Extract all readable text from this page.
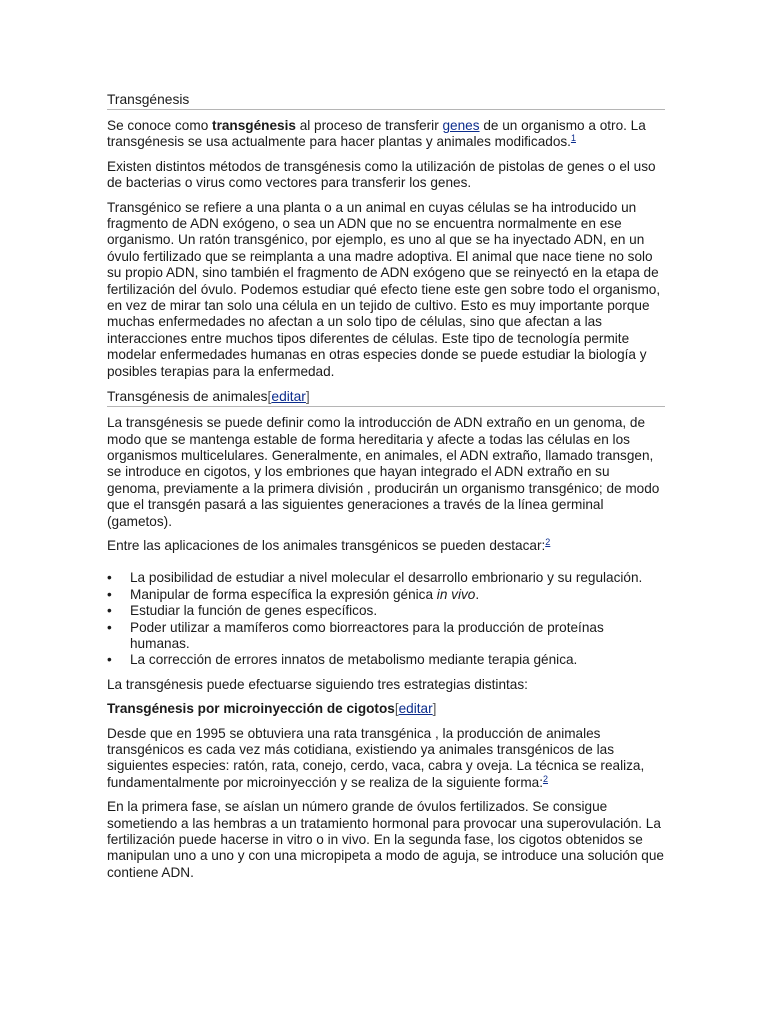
Transgénesis

Se conoce como transgénesis al proceso de transferir genes de un organismo a otro. La transgénesis se usa actualmente para hacer plantas y animales modificados.$^1$

Existen distintos métodos de transgénesis como la utilización de pistolas de genes o el uso de bacterias o virus como vectores para transferir los genes.

Transgénico se refiere a una planta o a un animal en cuyas células se ha introducido un fragmento de ADN exógeno, o sea un ADN que no se encuentra normalmente en ese organismo. Un ratón transgénico, por ejemplo, es uno al que se ha inyectado ADN, en un óvulo fertilizado que se reimplanta a una madre adoptiva. El animal que nace tiene no solo su propio ADN, sino también el fragmento de ADN exógeno que se reinyectó en la etapa de fertilización del óvulo. Podemos estudiar qué efecto tiene este gen sobre todo el organismo, en vez de mirar tan solo una célula en un tejido de cultivo. Esto es muy importante porque muchas enfermedades no afectan a un solo tipo de células, sino que afectan a las interacciones entre muchos tipos diferentes de células. Este tipo de tecnología permite modelar enfermedades humanas en otras especies donde se puede estudiar la biología y posibles terapias para la enfermedad.

Transgénesis de animales[editar]

La transgénesis se puede definir como la introducción de ADN extraño en un genoma, de modo que se mantenga estable de forma hereditaria y afecte a todas las células en los organismos multicelulares. Generalmente, en animales, el ADN extraño, llamado transgen, se introduce en cigotos, y los embriones que hayan integrado el ADN extraño en su genoma, previamente a la primera división , producirán un organismo transgénico; de modo que el transgén pasará a las siguientes generaciones a través de la línea germinal (gametos).

Entre las aplicaciones de los animales transgénicos se pueden destacar:$^2$

• La posibilidad de estudiar a nivel molecular el desarrollo embrionario y su regulación.
• Manipular de forma específica la expresión génica in vivo.
• Estudiar la función de genes específicos.
• Poder utilizar a mamíferos como biorreactores para la producción de proteínas humanas.
• La corrección de errores innatos de metabolismo mediante terapia génica.

La transgénesis puede efectuarse siguiendo tres estrategias distintas:

Transgénesis por microinyección de cigotos[editar]

Desde que en 1995 se obtuviera una rata transgénica , la producción de animales transgénicos es cada vez más cotidiana, existiendo ya animales transgénicos de las siguientes especies: ratón, rata, conejo, cerdo, vaca, cabra y oveja. La técnica se realiza, fundamentalmente por microinyección y se realiza de la siguiente forma:$^2$

En la primera fase, se aíslan un número grande de óvulos fertilizados. Se consigue sometiendo a las hembras a un tratamiento hormonal para provocar una superovulación. La fertilización puede hacerse in vitro o in vivo. En la segunda fase, los cigotos obtenidos se manipulan uno a uno y con una micropipeta a modo de aguja, se introduce una solución que contiene ADN.
